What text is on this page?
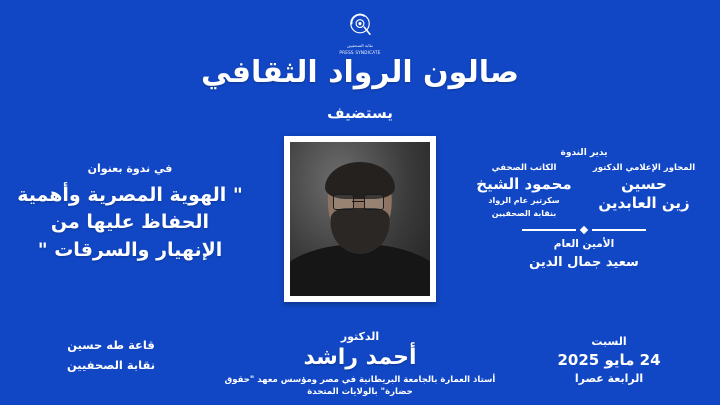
نقابة الصحفيين
PRESS SYNDICATE
صالون الرواد الثقافي
يستضيف
يدير الندوة
المحاور الإعلامي الدكتور
حسين
زين العابدين
الكاتب الصحفي
محمود الشيخ
سكرتير عام الرواد
بنقابة الصحفيين
الأمين العام
سعيد جمال الدين
في ندوة بعنوان
" الهوية المصرية وأهمية الحفاظ عليها من الإنهيار والسرقات "
السبت
24 مايو 2025
الرابعة عصرا
قاعة طه حسين
نقابة الصحفيين
الدكتور
أحمد راشد
أستاذ العمارة بالجامعة البريطانية في مصر ومؤسس معهد "حقوق حضارة" بالولايات المتحدة
